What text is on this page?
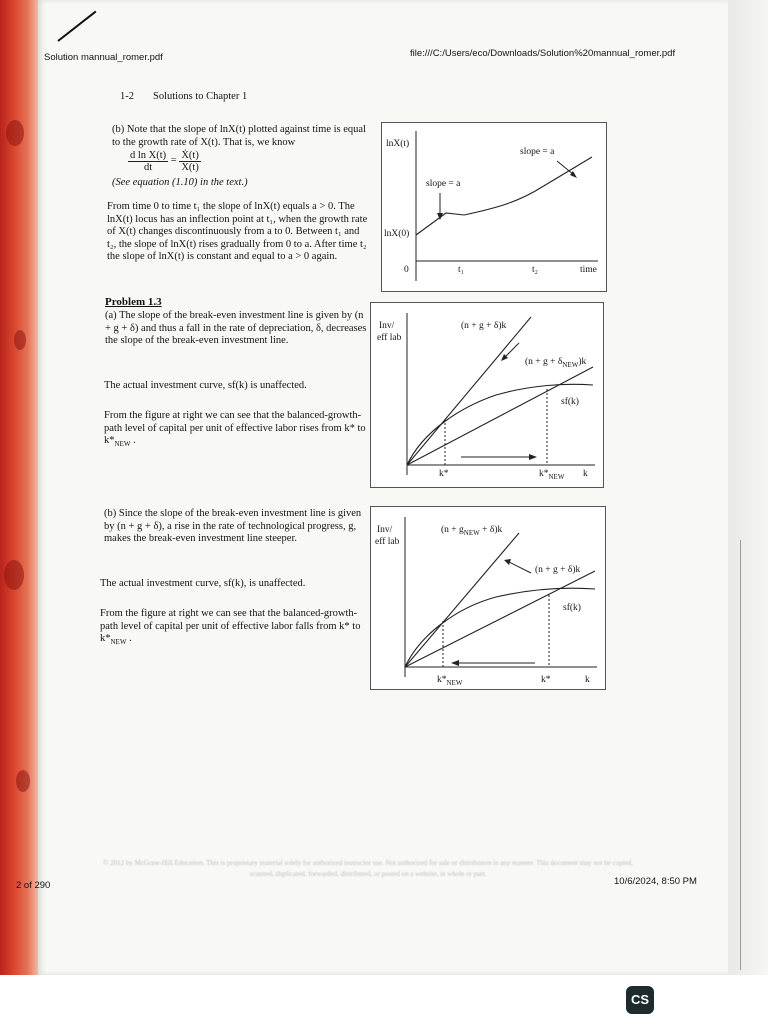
Solution mannual_romer.pdf	file:///C:/Users/eco/Downloads/Solution%20mannual_romer.pdf
1-2 Solutions to Chapter 1
(b) Note that the slope of lnX(t) plotted against time is equal to the growth rate of X(t). That is, we know
$\frac{\text{d ln X(t)}}{dt} = \frac{\text{Ẋ(t)}}{X(t)}$
(See equation (1.10) in the text.)
From time 0 to time t₁ the slope of lnX(t) equals a > 0. The lnX(t) locus has an inflection point at t₁, when the growth rate of X(t) changes discontinuously from a to 0. Between t₁ and t₂, the slope of lnX(t) rises gradually from 0 to a. After time t₂ the slope of lnX(t) is constant and equal to a > 0 again.
lnX(t)
lnX(0)
slope = a
slope = a
0	t₁	t₂	time
Problem 1.3
(a) The slope of the break-even investment line is given by (n + g + δ) and thus a fall in the rate of depreciation, δ, decreases the slope of the break-even investment line.
The actual investment curve, sf(k) is unaffected.
From the figure at right we can see that the balanced-growth-path level of capital per unit of effective labor rises from k* to $k*_{NEW}$ .
Inv/
eff lab
(n + g + δ)k
$(n + g + \delta_{NEW})k$
sf(k)
k*	$k*_{NEW}$ k
(b) Since the slope of the break-even investment line is given by (n + g + δ), a rise in the rate of technological progress, g, makes the break-even investment line steeper.
The actual investment curve, sf(k), is unaffected.
From the figure at right we can see that the balanced-growth-path level of capital per unit of effective labor falls from k* to $k*_{NEW}$ .
Inv/
eff lab
$(n + g_{NEW} + \delta)k$
(n + g + δ)k
sf(k)
$k*_{NEW}$	k*	k
© 2012 by McGraw-Hill Education. This is proprietary material solely for authorized instructor use. Not authorized for sale or distribution in any manner. This document may not be copied, scanned, duplicated, forwarded, distributed, or posted on a website, in whole or part.
2 of 290	10/6/2024, 8:50 PM
CS
